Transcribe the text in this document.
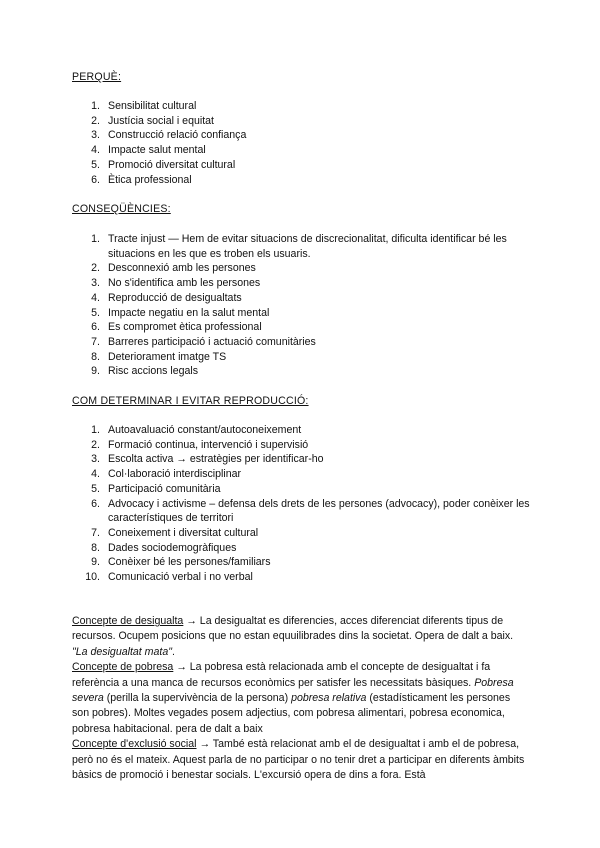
PERQUÈ:
1. Sensibilitat cultural
2. Justícia social i equitat
3. Construcció relació confiança
4. Impacte salut mental
5. Promoció diversitat cultural
6. Ètica professional
CONSEQÜÈNCIES:
1. Tracte injust — Hem de evitar situacions de discrecionalitat, dificulta identificar bé les situacions en les que es troben els usuaris.
2. Desconnexió amb les persones
3. No s'identifica amb les persones
4. Reproducció de desigualtats
5. Impacte negatiu en la salut mental
6. Es compromet ètica professional
7. Barreres participació i actuació comunitàries
8. Deteriorament imatge TS
9. Risc accions legals
COM DETERMINAR I EVITAR REPRODUCCIÓ:
1. Autoavaluació constant/autoconeixement
2. Formació continua, intervenció i supervisió
3. Escolta activa → estratègies per identificar-ho
4. Col·laboració interdisciplinar
5. Participació comunitària
6. Advocacy i activisme – defensa dels drets de les persones (advocacy), poder conèixer les característiques de territori
7. Coneixement i diversitat cultural
8. Dades sociodemogràfiques
9. Conèixer bé les persones/familiars
10. Comunicació verbal i no verbal

Concepte de desigualta → La desigualtat es diferencies, acces diferenciat diferents tipus de recursos. Ocupem posicions que no estan equuilibrades dins la societat. Opera de dalt a baix. "La desigualtat mata".
Concepte de pobresa → La pobresa està relacionada amb el concepte de desigualtat i fa referència a una manca de recursos econòmics per satisfer les necessitats bàsiques. Pobresa severa (perilla la supervivència de la persona) pobresa relativa (estadísticament les persones son pobres). Moltes vegades posem adjectius, com pobresa alimentari, pobresa economica, pobresa habitacional. pera de dalt a baix
Concepte d'exclusió social → També està relacionat amb el de desigualtat i amb el de pobresa, però no és el mateix. Aquest parla de no participar o no tenir dret a participar en diferents àmbits bàsics de promoció i benestar socials. L'excursió opera de dins a fora. Està
